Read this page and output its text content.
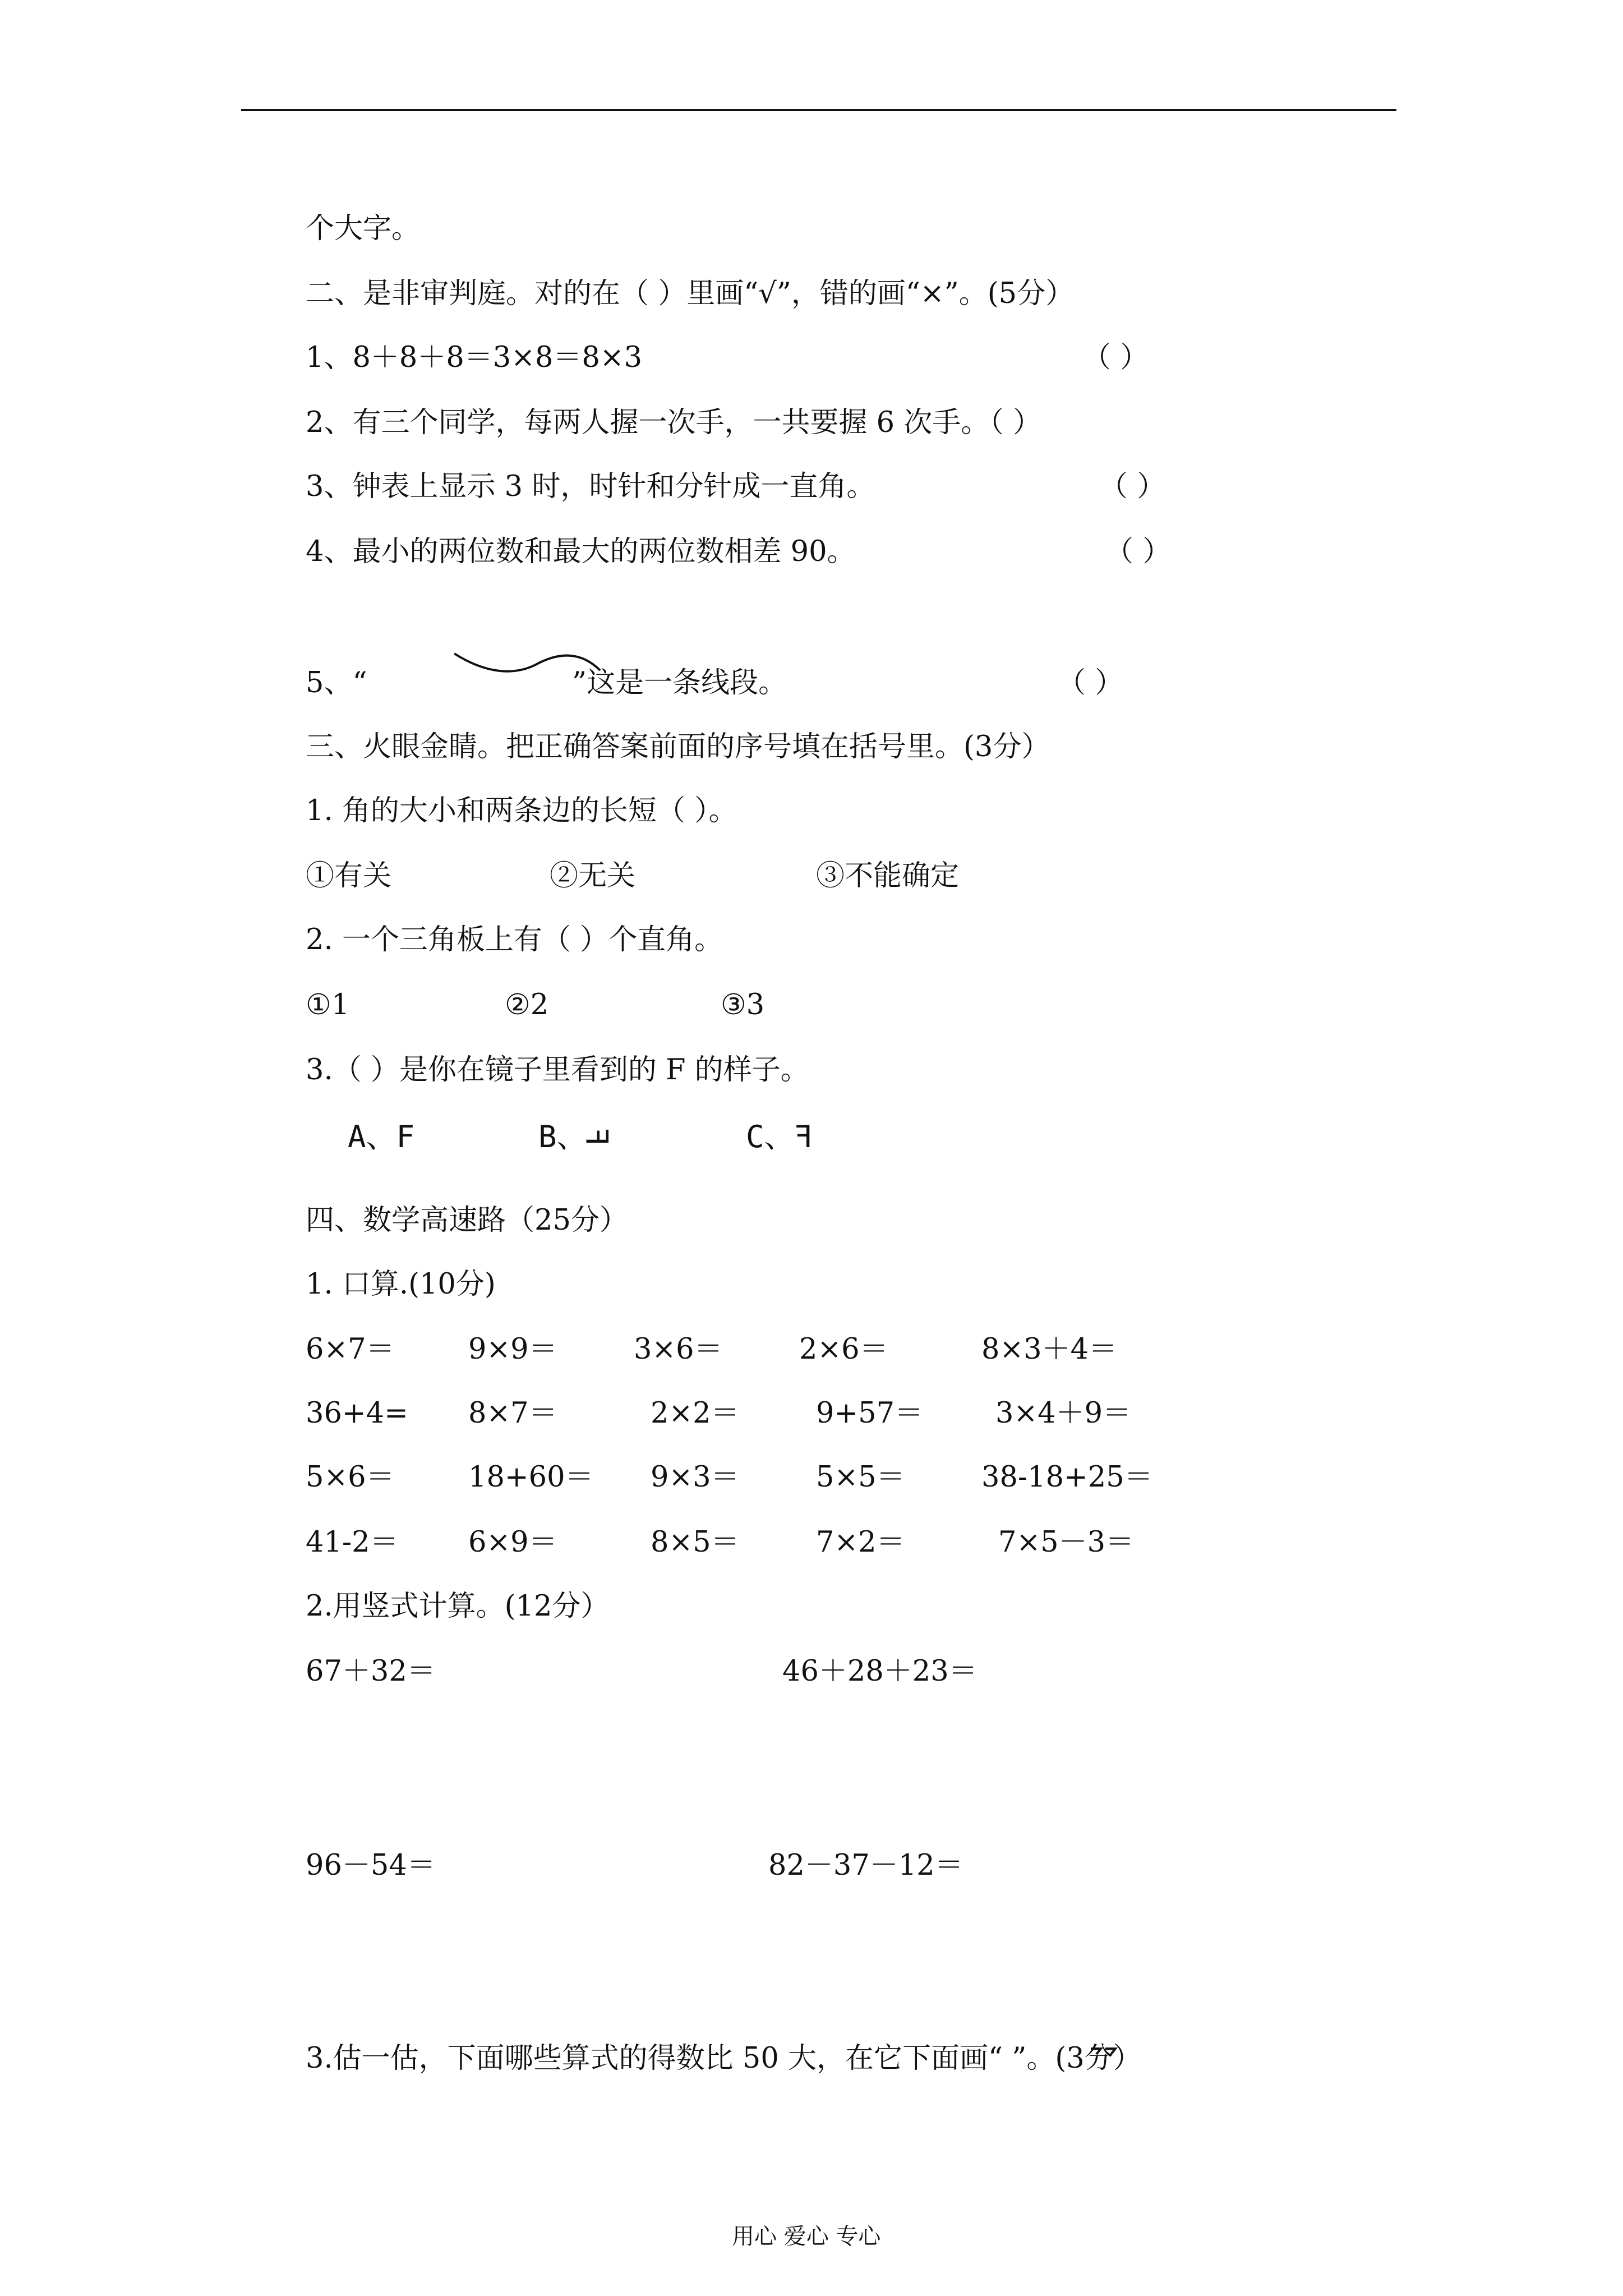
个大字。
二、是非审判庭。对的在（ ）里画“√”，错的画“×”。(5分）
1、8＋8＋8＝3×8＝8×3	（ ）
2、有三个同学，每两人握一次手，一共要握 6 次手。（ ）
3、钟表上显示 3 时，时针和分针成一直角。	（ ）
4、最小的两位数和最大的两位数相差 90。	（ ）
5、“	”这是一条线段。	（ ）
三、火眼金睛。把正确答案前面的序号填在括号里。(3分）
1. 角的大小和两条边的长短（ ）。
①有关	②无关	③不能确定
2. 一个三角板上有（ ）个直角。
①1	②2	③3
3.（ ）是你在镜子里看到的 F 的样子。
A、F	B、F	C、F
四、数学高速路（25分）
1. 口算.(10分)
6×7＝	9×9＝	3×6＝	2×6＝	8×3＋4＝
36+4= 8×7＝	2×2＝	9+57＝	3×4＋9＝
5×6＝	18+60＝ 9×3＝	5×5＝	38-18+25＝
41-2＝ 6×9＝	8×5＝	7×2＝	7×5－3＝
2.用竖式计算。(12分）
67＋32＝	46＋28＋23＝
96－54＝	82－37－12＝
3.估一估，下面哪些算式的得数比 50 大，在它下面画“ ”。(3分）
用心 爱心 专心
